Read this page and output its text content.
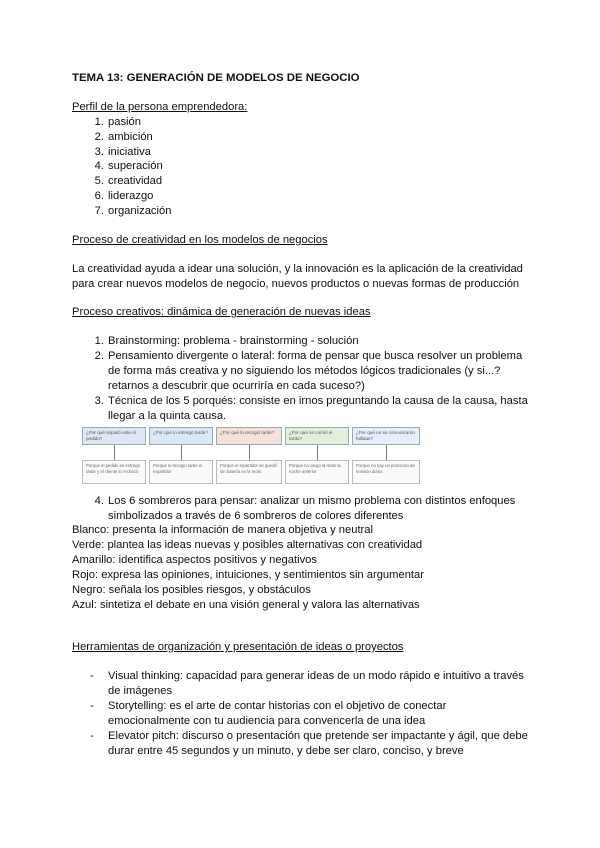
TEMA 13: GENERACIÓN DE MODELOS DE NEGOCIO
Perfil de la persona emprendedora:
1. pasión
2. ambición
3. iniciativa
4. superación
5. creatividad
6. liderazgo
7. organización
Proceso de creatividad en los modelos de negocios
La creatividad ayuda a idear una solución, y la innovación es la aplicación de la creatividad para crear nuevos modelos de negocio, nuevos productos o nuevas formas de producción
Proceso creativos: dinámica de generación de nuevas ideas
1. Brainstorming: problema - brainstorming - solución
2. Pensamiento divergente o lateral: forma de pensar que busca resolver un problema de forma más creativa y no siguiendo los métodos lógicos tradicionales (y si...? retarnos a descubrir que ocurriría en cada suceso?)
3. Técnica de los 5 porqués: consiste en irnos preguntando la causa de la causa, hasta llegar a la quinta causa.
¿Por qué sepasó este el pedido?
¿Por qué lo entregó tarde?	¿Por qué la recogió tarde?	¿Por qué se comió el tardo?
¿Por qué no se comunicaron fallidas?
Porque el pedido se entregó tarde y el cliente lo rechazó
Porque lo recogió tarde el repartidor
Porque el repartidor se quedó sin batería en la moto
Porque no cargó la moto la noche anterior
Porque no hay un protocolo de revisión diaria
4. Los 6 sombreros para pensar: analizar un mismo problema con distintos enfoques simbolizados a través de 6 sombreros de colores diferentes
Blanco: presenta la información de manera objetiva y neutral
Verde: plantea las ideas nuevas y posibles alternativas con creatividad
Amarillo: identifica aspectos positivos y negativos
Rojo: expresa las opiniones, intuiciones, y sentimientos sin argumentar
Negro: señala los posibles riesgos, y obstáculos
Azul: sintetiza el debate en una visión general y valora las alternativas
Herramientas de organización y presentación de ideas o proyectos
- Visual thinking: capacidad para generar ideas de un modo rápido e intuitivo a través de imágenes
- Storytelling: es el arte de contar historias con el objetivo de conectar emocionalmente con tu audiencia para convencerla de una idea
- Elevator pitch: discurso o presentación que pretende ser impactante y ágil, que debe durar entre 45 segundos y un minuto, y debe ser claro, conciso, y breve
